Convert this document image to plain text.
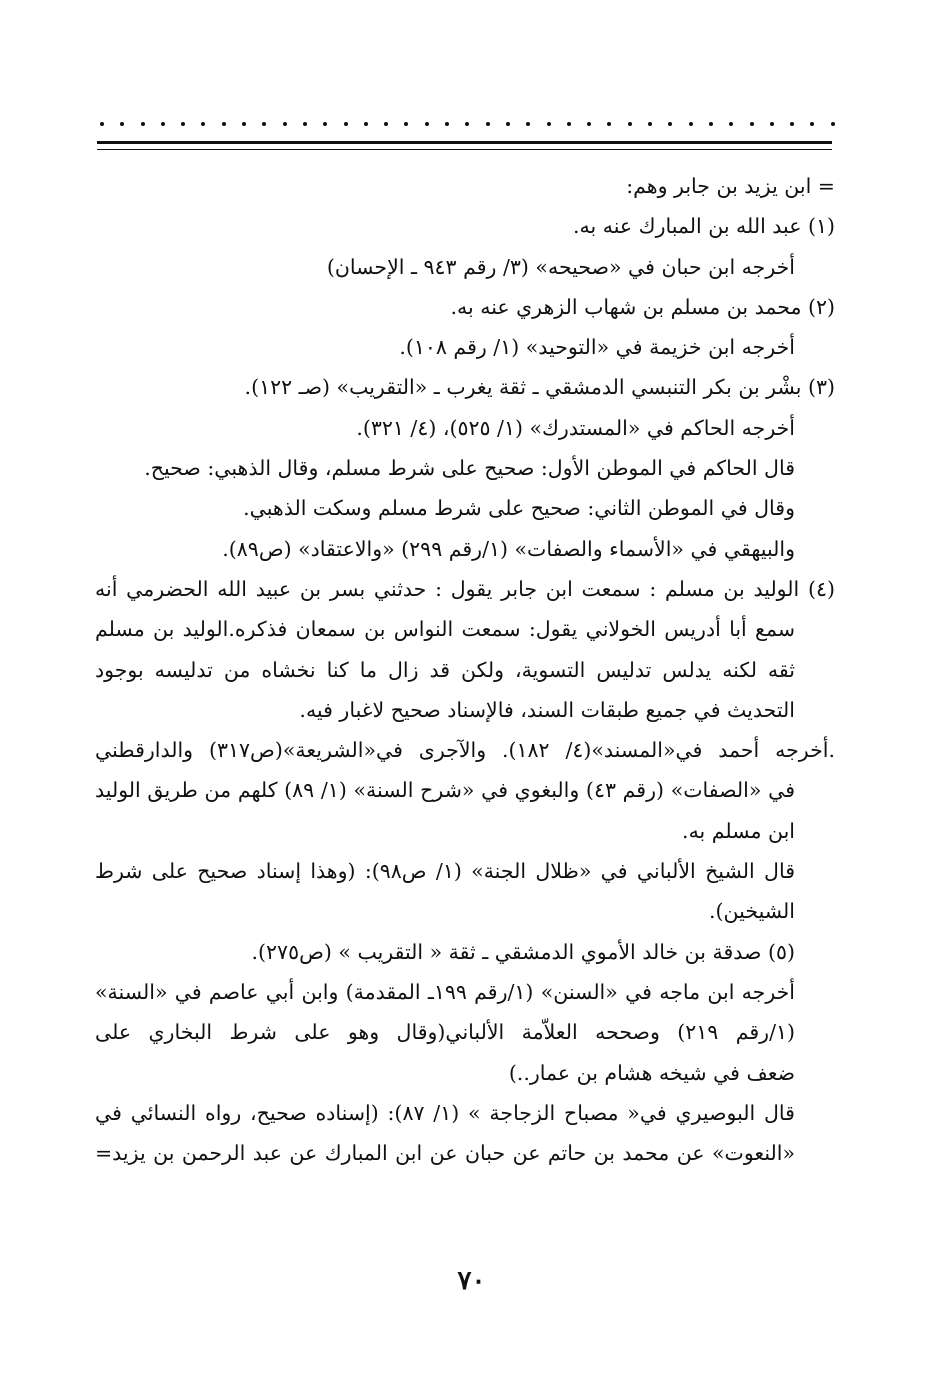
= ابن يزيد بن جابر وهم:
(١) عبد الله بن المبارك عنه به.
أخرجه ابن حبان في «صحيحه» (٣/ رقم ٩٤٣ ـ الإحسان)
(٢) محمد بن مسلم بن شهاب الزهري عنه به.
أخرجه ابن خزيمة في «التوحيد» (١/ رقم ١٠٨).
(٣) بشْر بن بكر التنبسي الدمشقي ـ ثقة يغرب ـ «التقريب» (صـ ١٢٢).
أخرجه الحاكم في «المستدرك» (١/ ٥٢٥)، (٤/ ٣٢١).
قال الحاكم في الموطن الأول: صحيح على شرط مسلم، وقال الذهبي: صحيح.
وقال في الموطن الثاني: صحيح على شرط مسلم وسكت الذهبي.
والبيهقي في «الأسماء والصفات» (١/رقم ٢٩٩) «والاعتقاد» (ص٨٩).
(٤) الوليد بن مسلم : سمعت ابن جابر يقول : حدثني بسر بن عبيد الله الحضرمي أنه
سمع أبا أدريس الخولاني يقول: سمعت النواس بن سمعان فذكره.الوليد بن مسلم
ثقه لكنه يدلس تدليس التسوية، ولكن قد زال ما كنا نخشاه من تدليسه بوجود
التحديث في جميع طبقات السند، فالإسناد صحيح لاغبار فيه.
.أخرجه أحمد في«المسند»(٤/ ١٨٢). والآجرى في«الشريعة»(ص٣١٧) والدارقطني
في «الصفات» (رقم ٤٣) والبغوي في «شرح السنة» (١/ ٨٩) كلهم من طريق الوليد
ابن مسلم به.
قال الشيخ الألباني في «ظلال الجنة» (١/ ص٩٨): (وهذا إسناد صحيح على شرط
الشيخين).
(٥) صدقة بن خالد الأموي الدمشقي ـ ثقة « التقريب » (ص٢٧٥).
أخرجه ابن ماجه في «السنن» (١/رقم ١٩٩ـ المقدمة) وابن أبي عاصم في «السنة»
(١/رقم ٢١٩) وصححه العلاّمة الألباني(وقال وهو على شرط البخاري على
ضعف في شيخه هشام بن عمار..)
قال البوصيري في« مصباح الزجاجة » (١/ ٨٧): (إسناده صحيح، رواه النسائي في
«النعوت» عن محمد بن حاتم عن حبان عن ابن المبارك عن عبد الرحمن بن يزيد=
٧٠
